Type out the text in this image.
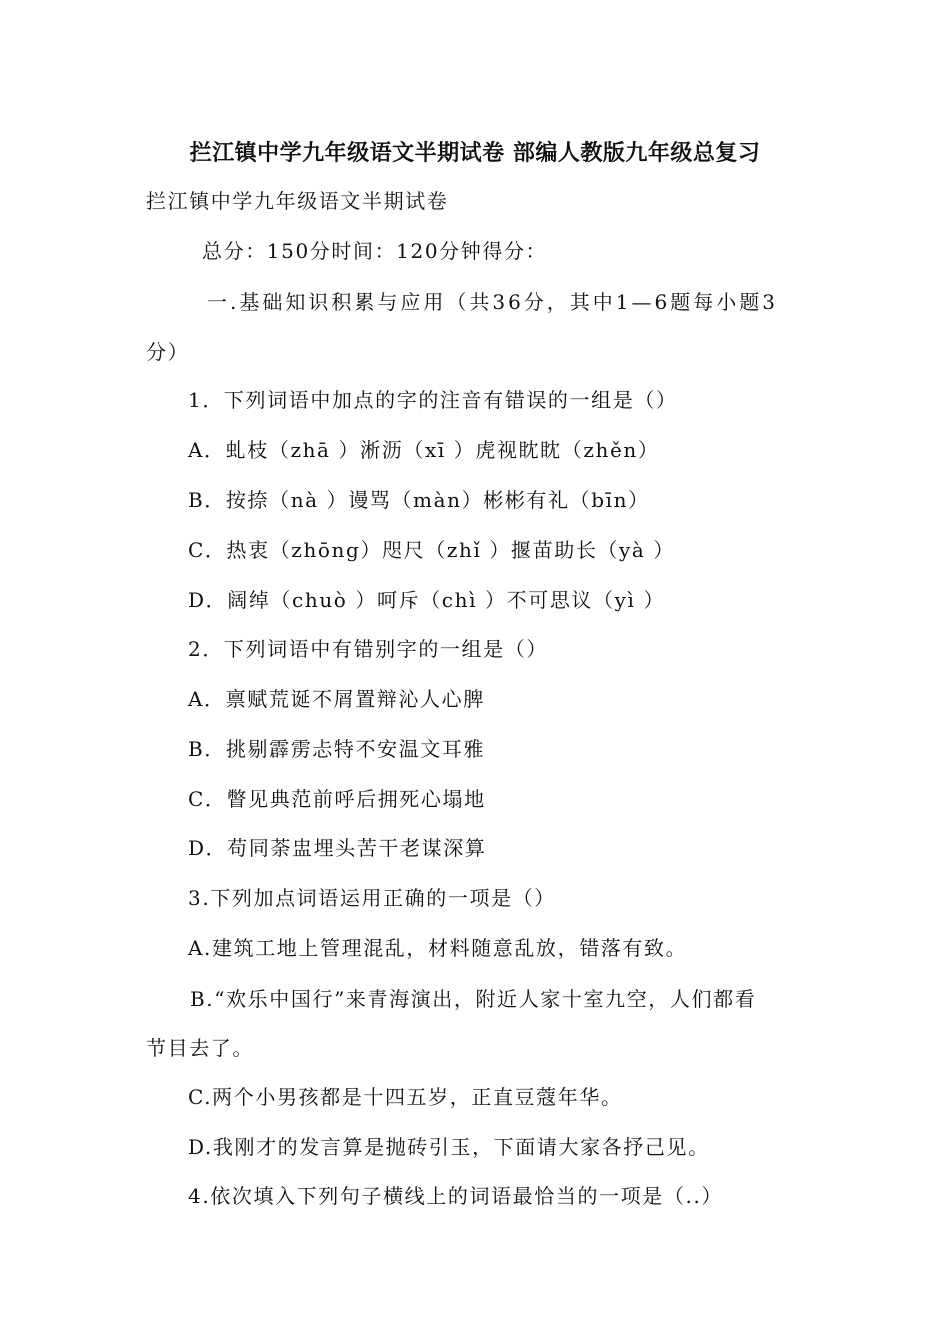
拦江镇中学九年级语文半期试卷 部编人教版九年级总复习
拦江镇中学九年级语文半期试卷
总分：150分时间：120分钟得分：
一.基础知识积累与应用（共36分，其中1—6题每小题3
分）
1．下列词语中加点的字的注音有错误的一组是（）
A．虬枝（zhā ）淅沥（xī ）虎视眈眈（zhěn）
B．按捺（nà ）谩骂（màn）彬彬有礼（bīn）
C．热衷（zhōng）咫尺（zhǐ ）揠苗助长（yà ）
D．阔绰（chuò ）呵斥（chì ）不可思议（yì ）
2．下列词语中有错别字的一组是（）
A．禀赋荒诞不屑置辩沁人心脾
B．挑剔霹雳忐特不安温文耳雅
C．瞥见典范前呼后拥死心塌地
D．苟同荼盅埋头苦干老谋深算
3.下列加点词语运用正确的一项是（）
A.建筑工地上管理混乱，材料随意乱放，错落有致。
B.“欢乐中国行”来青海演出，附近人家十室九空，人们都看
节目去了。
C.两个小男孩都是十四五岁，正直豆蔻年华。
D.我刚才的发言算是抛砖引玉，下面请大家各抒己见。
4.依次填入下列句子横线上的词语最恰当的一项是（..）
